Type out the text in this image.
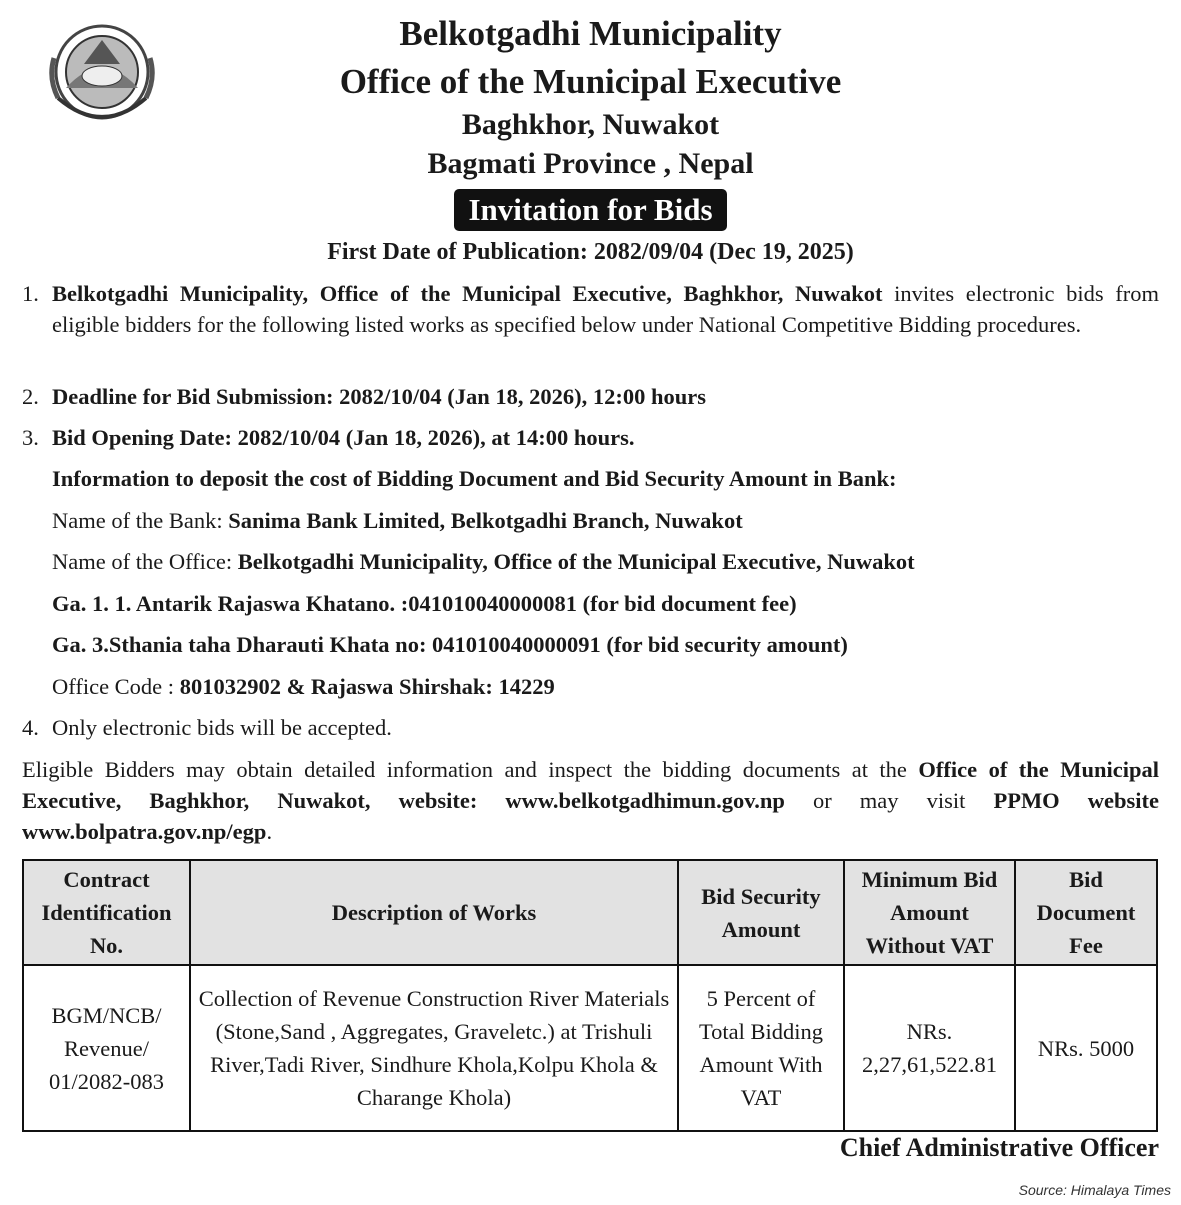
Belkotgadhi Municipality
Office of the Municipal Executive
Baghkhor, Nuwakot
Bagmati Province , Nepal
Invitation for Bids
First Date of Publication: 2082/09/04 (Dec 19, 2025)
1. Belkotgadhi Municipality, Office of the Municipal Executive, Baghkhor, Nuwakot invites electronic bids from eligible bidders for the following listed works as specified below under National Competitive Bidding procedures.
2. Deadline for Bid Submission: 2082/10/04 (Jan 18, 2026), 12:00 hours
3. Bid Opening Date: 2082/10/04 (Jan 18, 2026), at 14:00 hours.
Information to deposit the cost of Bidding Document and Bid Security Amount in Bank:
Name of the Bank: Sanima Bank Limited, Belkotgadhi Branch, Nuwakot
Name of the Office: Belkotgadhi Municipality, Office of the Municipal Executive, Nuwakot
Ga. 1. 1. Antarik Rajaswa Khatano. :041010040000081 (for bid document fee)
Ga. 3.Sthania taha Dharauti Khata no: 041010040000091 (for bid security amount)
Office Code : 801032902 & Rajaswa Shirshak: 14229
4. Only electronic bids will be accepted.
Eligible Bidders may obtain detailed information and inspect the bidding documents at the Office of the Municipal Executive, Baghkhor, Nuwakot, website: www.belkotgadhimun.gov.np or may visit PPMO website www.bolpatra.gov.np/egp.
Contract Identification No.	Description of Works	Bid Security Amount	Minimum Bid Amount Without VAT	Bid Document Fee
BGM/NCB/ Revenue/ 01/2082-083	Collection of Revenue Construction River Materials (Stone,Sand , Aggregates, Graveletc.) at Trishuli River,Tadi River, Sindhure Khola,Kolpu Khola & Charange Khola)	5 Percent of Total Bidding Amount With VAT	NRs. 2,27,61,522.81	NRs. 5000
Chief Administrative Officer
Source: Himalaya Times
